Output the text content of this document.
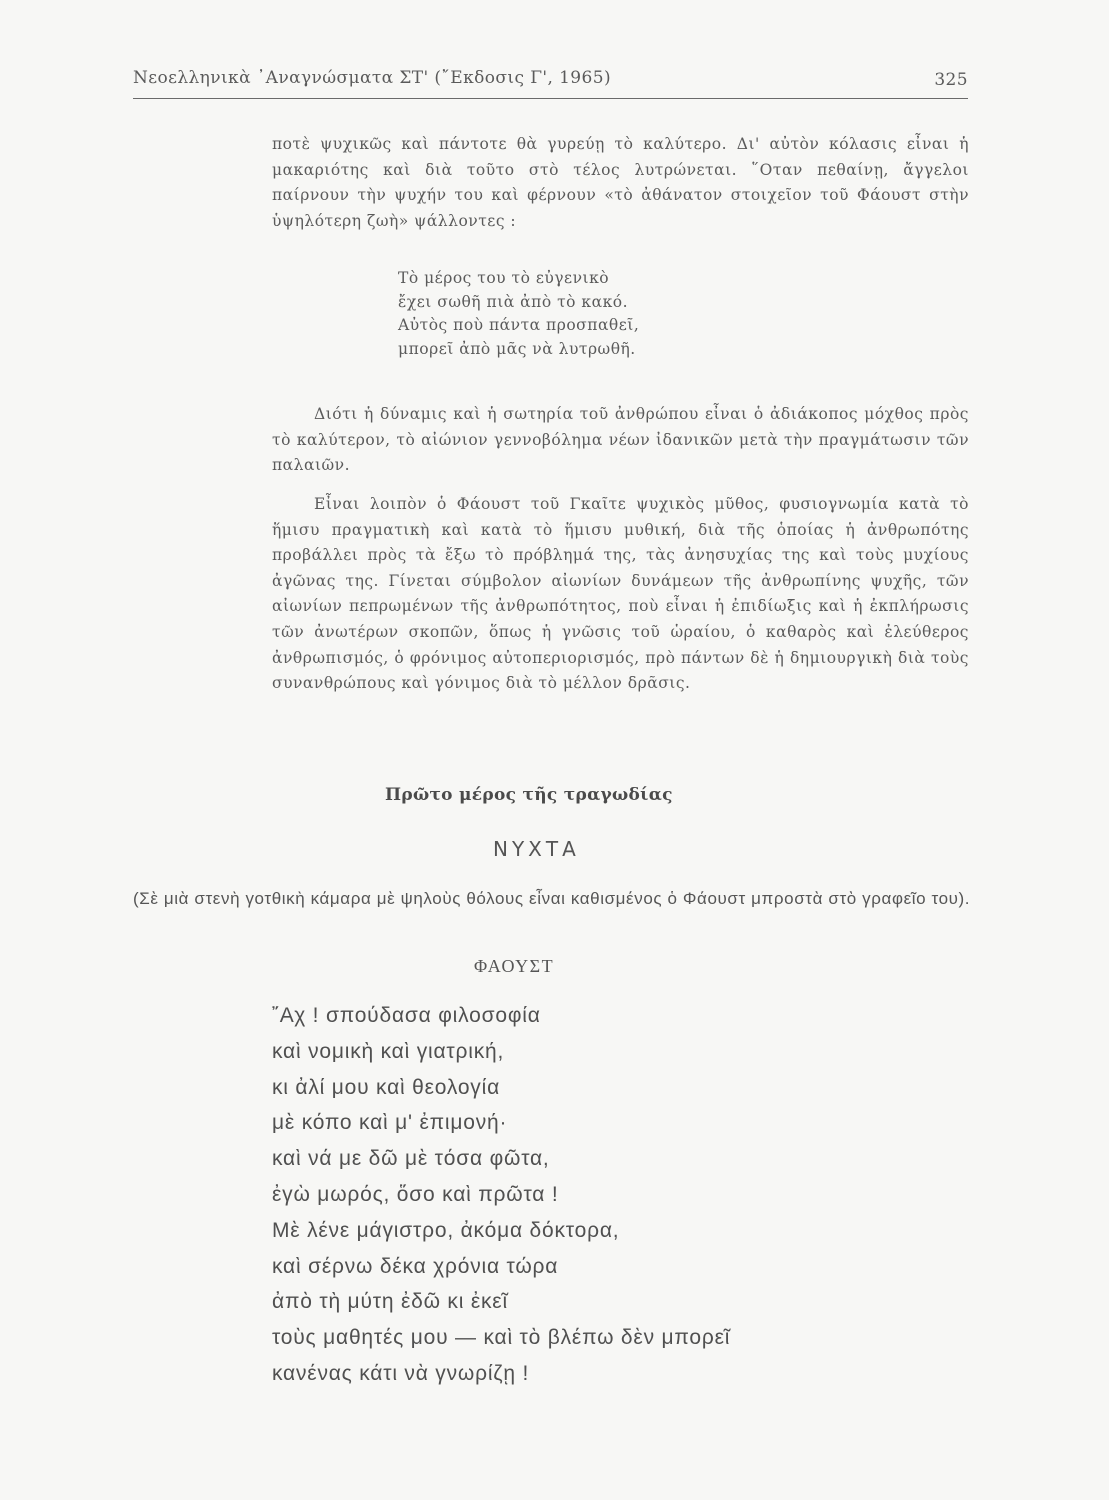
Νεοελληνικὰ ᾿Αναγνώσματα ΣΤ' (῎Εκδοσις Γ', 1965)	325

ποτὲ ψυχικῶς καὶ πάντοτε θὰ γυρεύῃ τὸ καλύτερο. Δι' αὐτὸν κόλασις εἶναι ἡ μακαριότης καὶ διὰ τοῦτο στὸ τέλος λυτρώνεται. ῞Οταν πεθαίνῃ, ἄγγελοι παίρνουν τὴν ψυχήν του καὶ φέρνουν «τὸ ἀθάνατον στοιχεῖον τοῦ Φάουστ στὴν ὑψηλότερη ζωὴ» ψάλλοντες :

Διότι ἡ δύναμις καὶ ἡ σωτηρία τοῦ ἀνθρώπου εἶναι ὁ ἀδιάκοπος μόχθος πρὸς τὸ καλύτερον, τὸ αἰώνιον γεννοβόλημα νέων ἰδανικῶν μετὰ τὴν πραγμάτωσιν τῶν παλαιῶν.

Εἶναι λοιπὸν ὁ Φάουστ τοῦ Γκαῖτε ψυχικὸς μῦθος, φυσιογνωμία κατὰ τὸ ἥμισυ πραγματικὴ καὶ κατὰ τὸ ἥμισυ μυθική, διὰ τῆς ὁποίας ἡ ἀνθρωπότης προβάλλει πρὸς τὰ ἔξω τὸ πρόβλημά της, τὰς ἀνησυχίας της καὶ τοὺς μυχίους ἀγῶνας της. Γίνεται σύμβολον αἰωνίων δυνάμεων τῆς ἀνθρωπίνης ψυχῆς, τῶν αἰωνίων πεπρωμένων τῆς ἀνθρωπότητος, ποὺ εἶναι ἡ ἐπιδίωξις καὶ ἡ ἐκπλήρωσις τῶν ἀνωτέρων σκοπῶν, ὅπως ἡ γνῶσις τοῦ ὡραίου, ὁ καθαρὸς καὶ ἐλεύθερος ἀνθρωπισμός, ὁ φρόνιμος αὐτοπεριορισμός, πρὸ πάντων δὲ ἡ δημιουργικὴ διὰ τοὺς συνανθρώπους καὶ γόνιμος διὰ τὸ μέλλον δρᾶσις.

Τὸ μέρος του τὸ εὐγενικὸ
ἔχει σωθῆ πιὰ ἀπὸ τὸ κακό.
Αὐτὸς ποὺ πάντα προσπαθεῖ,
μπορεῖ ἀπὸ μᾶς νὰ λυτρωθῆ.
Πρῶτο μέρος τῆς τραγωδίας
ΝΥΧΤΑ
(Σὲ μιὰ στενὴ γοτθικὴ κάμαρα μὲ ψηλοὺς θόλους εἶναι καθισμένος ὁ Φάουστ μπροστὰ στὸ γραφεῖο του).
ΦΑΟΥΣΤ
῎Αχ ! σπούδασα φιλοσοφία
καὶ νομικὴ καὶ γιατρική,
κι ἀλί μου καὶ θεολογία
μὲ κόπο καὶ μ' ἐπιμονή·
καὶ νά με δῶ μὲ τόσα φῶτα,
ἐγὼ μωρός, ὅσο καὶ πρῶτα !
Μὲ λένε μάγιστρο, ἀκόμα δόκτορα,
καὶ σέρνω δέκα χρόνια τώρα
ἀπὸ τὴ μύτη ἐδῶ κι ἐκεῖ
τοὺς μαθητές μου — καὶ τὸ βλέπω δὲν μπορεῖ
κανένας κάτι νὰ γνωρίζῃ !
